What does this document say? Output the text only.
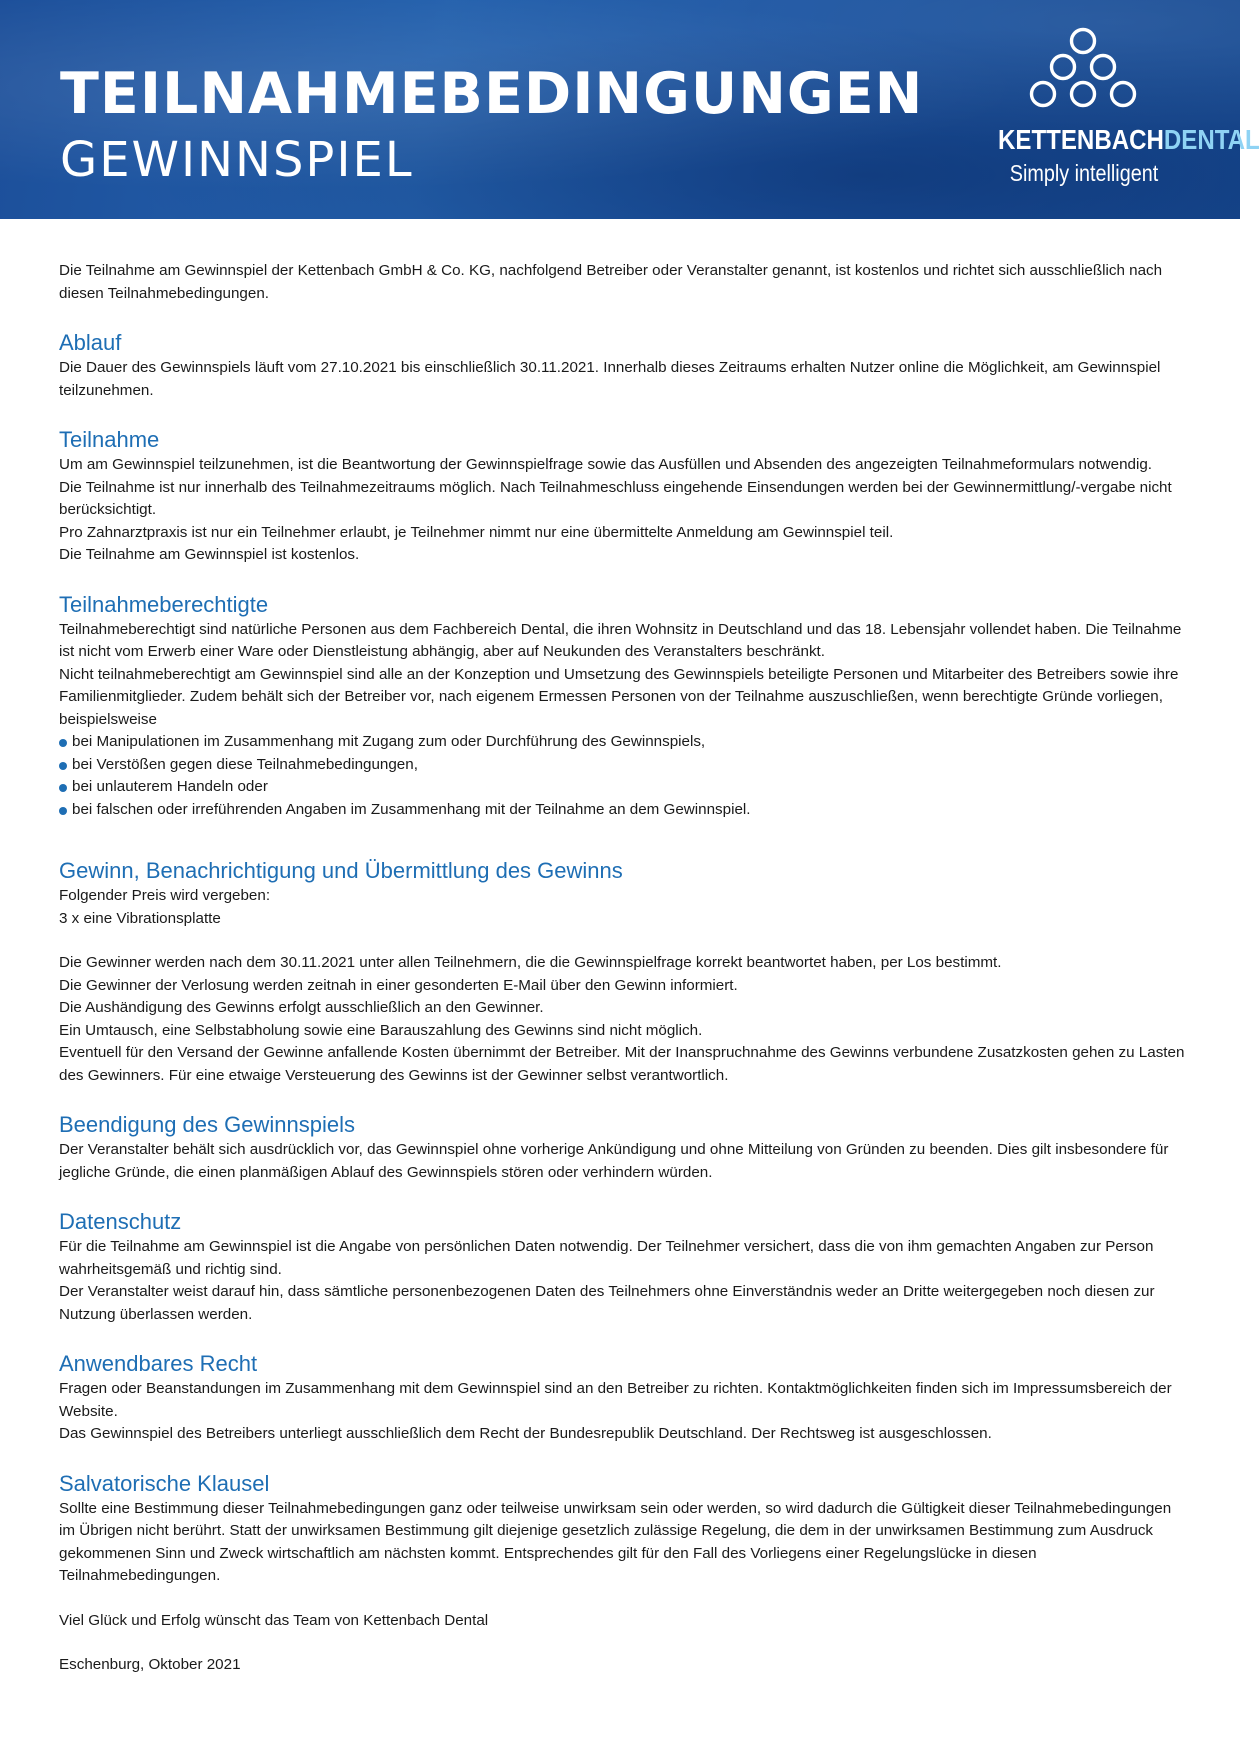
TEILNAHMEBEDINGUNGEN
GEWINNSPIEL	KETTENBACHDENTAL
Simply intelligent

Die Teilnahme am Gewinnspiel der Kettenbach GmbH & Co. KG, nachfolgend Betreiber oder Veranstalter genannt, ist kostenlos und richtet sich ausschließlich nach diesen Teilnahmebedingungen.

Ablauf

Die Dauer des Gewinnspiels läuft vom 27.10.2021 bis einschließlich 30.11.2021. Innerhalb dieses Zeitraums erhalten Nutzer online die Möglichkeit, am Gewinnspiel teilzunehmen.

Teilnahme

Um am Gewinnspiel teilzunehmen, ist die Beantwortung der Gewinnspielfrage sowie das Ausfüllen und Absenden des angezeigten Teilnahmeformulars notwendig.

Die Teilnahme ist nur innerhalb des Teilnahmezeitraums möglich. Nach Teilnahmeschluss eingehende Einsendungen werden bei der Gewinnermittlung/-vergabe nicht berücksichtigt.

Pro Zahnarztpraxis ist nur ein Teilnehmer erlaubt, je Teilnehmer nimmt nur eine übermittelte Anmeldung am Gewinnspiel teil.

Die Teilnahme am Gewinnspiel ist kostenlos.

Teilnahmeberechtigte

Teilnahmeberechtigt sind natürliche Personen aus dem Fachbereich Dental, die ihren Wohnsitz in Deutschland und das 18. Lebensjahr vollendet haben. Die Teilnahme ist nicht vom Erwerb einer Ware oder Dienstleistung abhängig, aber auf Neukunden des Veranstalters beschränkt.

Nicht teilnahmeberechtigt am Gewinnspiel sind alle an der Konzeption und Umsetzung des Gewinnspiels beteiligte Personen und Mitarbeiter des Betreibers sowie ihre Familienmitglieder. Zudem behält sich der Betreiber vor, nach eigenem Ermessen Personen von der Teilnahme auszuschließen, wenn berechtigte Gründe vorliegen, beispielsweise

bei Manipulationen im Zusammenhang mit Zugang zum oder Durchführung des Gewinnspiels,
bei Verstößen gegen diese Teilnahmebedingungen,
bei unlauterem Handeln oder
bei falschen oder irreführenden Angaben im Zusammenhang mit der Teilnahme an dem Gewinnspiel.
Gewinn, Benachrichtigung und Übermittlung des Gewinns

Folgender Preis wird vergeben:

3 x eine Vibrationsplatte

Die Gewinner werden nach dem 30.11.2021 unter allen Teilnehmern, die die Gewinnspielfrage korrekt beantwortet haben, per Los bestimmt.

Die Gewinner der Verlosung werden zeitnah in einer gesonderten E-Mail über den Gewinn informiert.

Die Aushändigung des Gewinns erfolgt ausschließlich an den Gewinner.

Ein Umtausch, eine Selbstabholung sowie eine Barauszahlung des Gewinns sind nicht möglich.

Eventuell für den Versand der Gewinne anfallende Kosten übernimmt der Betreiber. Mit der Inanspruchnahme des Gewinns verbundene Zusatzkosten gehen zu Lasten des Gewinners. Für eine etwaige Versteuerung des Gewinns ist der Gewinner selbst verantwortlich.

Beendigung des Gewinnspiels

Der Veranstalter behält sich ausdrücklich vor, das Gewinnspiel ohne vorherige Ankündigung und ohne Mitteilung von Gründen zu beenden. Dies gilt insbesondere für jegliche Gründe, die einen planmäßigen Ablauf des Gewinnspiels stören oder verhindern würden.

Datenschutz

Für die Teilnahme am Gewinnspiel ist die Angabe von persönlichen Daten notwendig. Der Teilnehmer versichert, dass die von ihm gemachten Angaben zur Person wahrheitsgemäß und richtig sind.

Der Veranstalter weist darauf hin, dass sämtliche personenbezogenen Daten des Teilnehmers ohne Einverständnis weder an Dritte weitergegeben noch diesen zur Nutzung überlassen werden.

Anwendbares Recht

Fragen oder Beanstandungen im Zusammenhang mit dem Gewinnspiel sind an den Betreiber zu richten. Kontaktmöglichkeiten finden sich im Impressumsbereich der Website.

Das Gewinnspiel des Betreibers unterliegt ausschließlich dem Recht der Bundesrepublik Deutschland. Der Rechtsweg ist ausgeschlossen.

Salvatorische Klausel

Sollte eine Bestimmung dieser Teilnahmebedingungen ganz oder teilweise unwirksam sein oder werden, so wird dadurch die Gültigkeit dieser Teilnahmebedingungen im Übrigen nicht berührt. Statt der unwirksamen Bestimmung gilt diejenige gesetzlich zulässige Regelung, die dem in der unwirksamen Bestimmung zum Ausdruck gekommenen Sinn und Zweck wirtschaftlich am nächsten kommt. Entsprechendes gilt für den Fall des Vorliegens einer Regelungslücke in diesen Teilnahmebedingungen.

Viel Glück und Erfolg wünscht das Team von Kettenbach Dental

Eschenburg, Oktober 2021
